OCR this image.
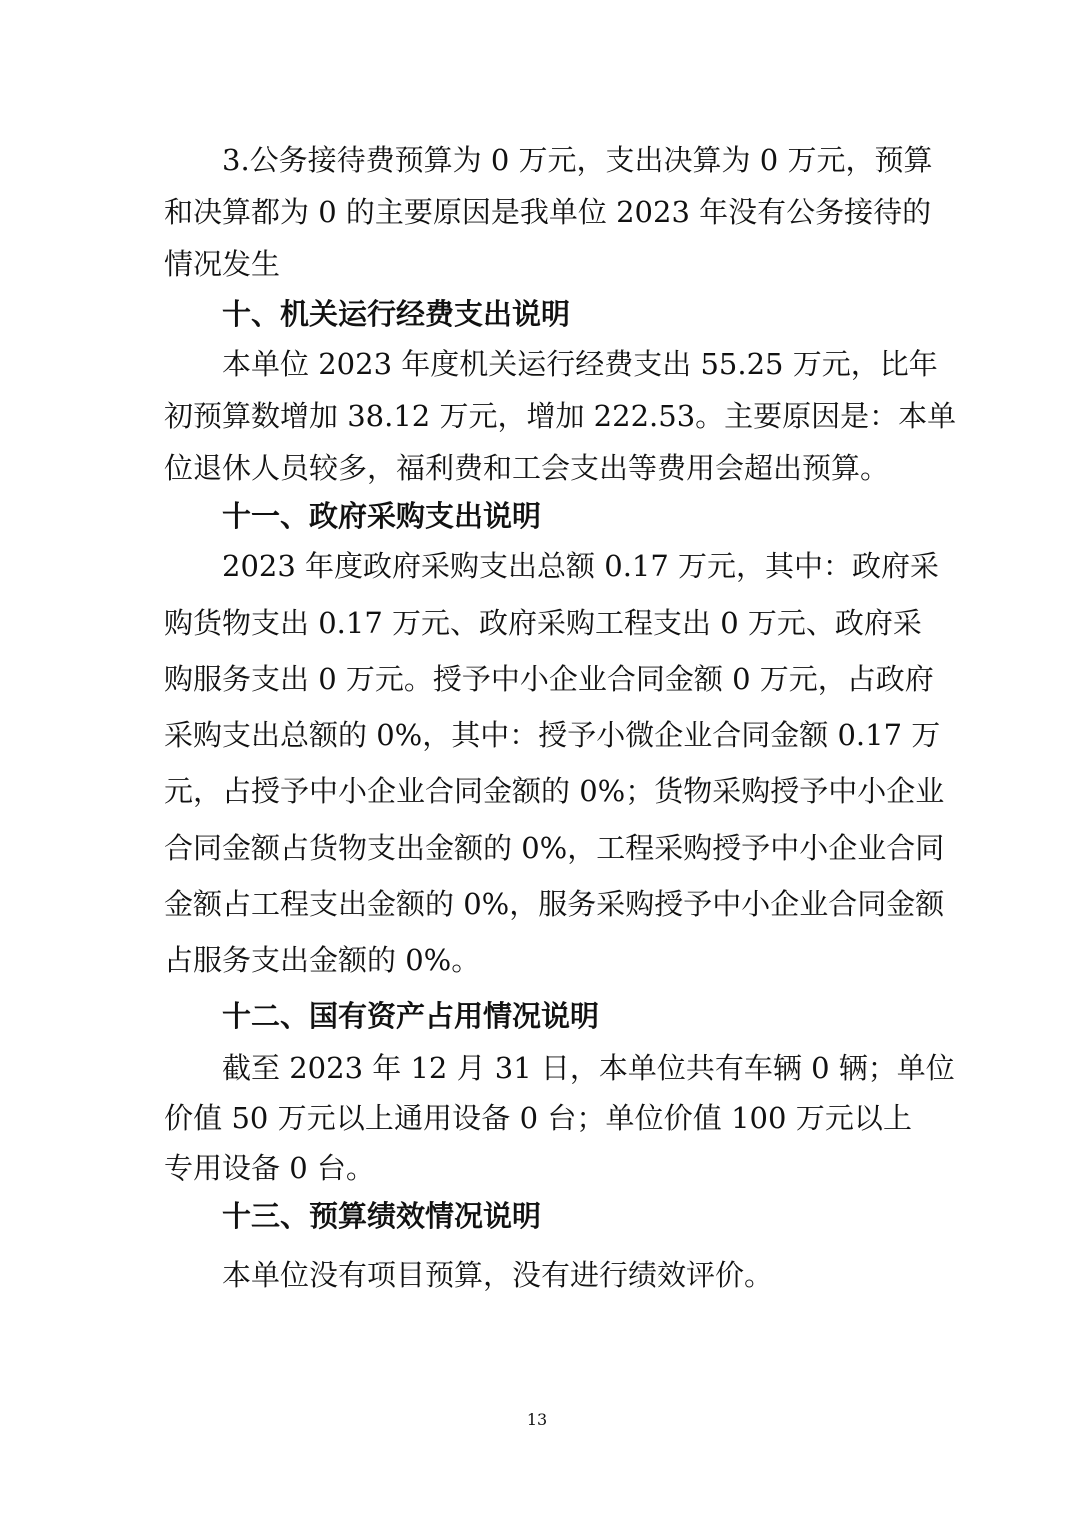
3.公务接待费预算为 0 万元，支出决算为 0 万元，预算
和决算都为 0 的主要原因是我单位 2023 年没有公务接待的
情况发生
十、机关运行经费支出说明
本单位 2023 年度机关运行经费支出 55.25 万元，比年
初预算数增加 38.12 万元，增加 222.53。主要原因是：本单
位退休人员较多，福利费和工会支出等费用会超出预算。
十一、政府采购支出说明
2023 年度政府采购支出总额 0.17 万元，其中：政府采
购货物支出 0.17 万元、政府采购工程支出 0 万元、政府采
购服务支出 0 万元。授予中小企业合同金额 0 万元，占政府
采购支出总额的 0%，其中：授予小微企业合同金额 0.17 万
元，占授予中小企业合同金额的 0%；货物采购授予中小企业
合同金额占货物支出金额的 0%，工程采购授予中小企业合同
金额占工程支出金额的 0%，服务采购授予中小企业合同金额
占服务支出金额的 0%。
十二、国有资产占用情况说明
截至 2023 年 12 月 31 日，本单位共有车辆 0 辆；单位
价值 50 万元以上通用设备 0 台；单位价值 100 万元以上
专用设备 0 台。
十三、预算绩效情况说明
本单位没有项目预算，没有进行绩效评价。
13
